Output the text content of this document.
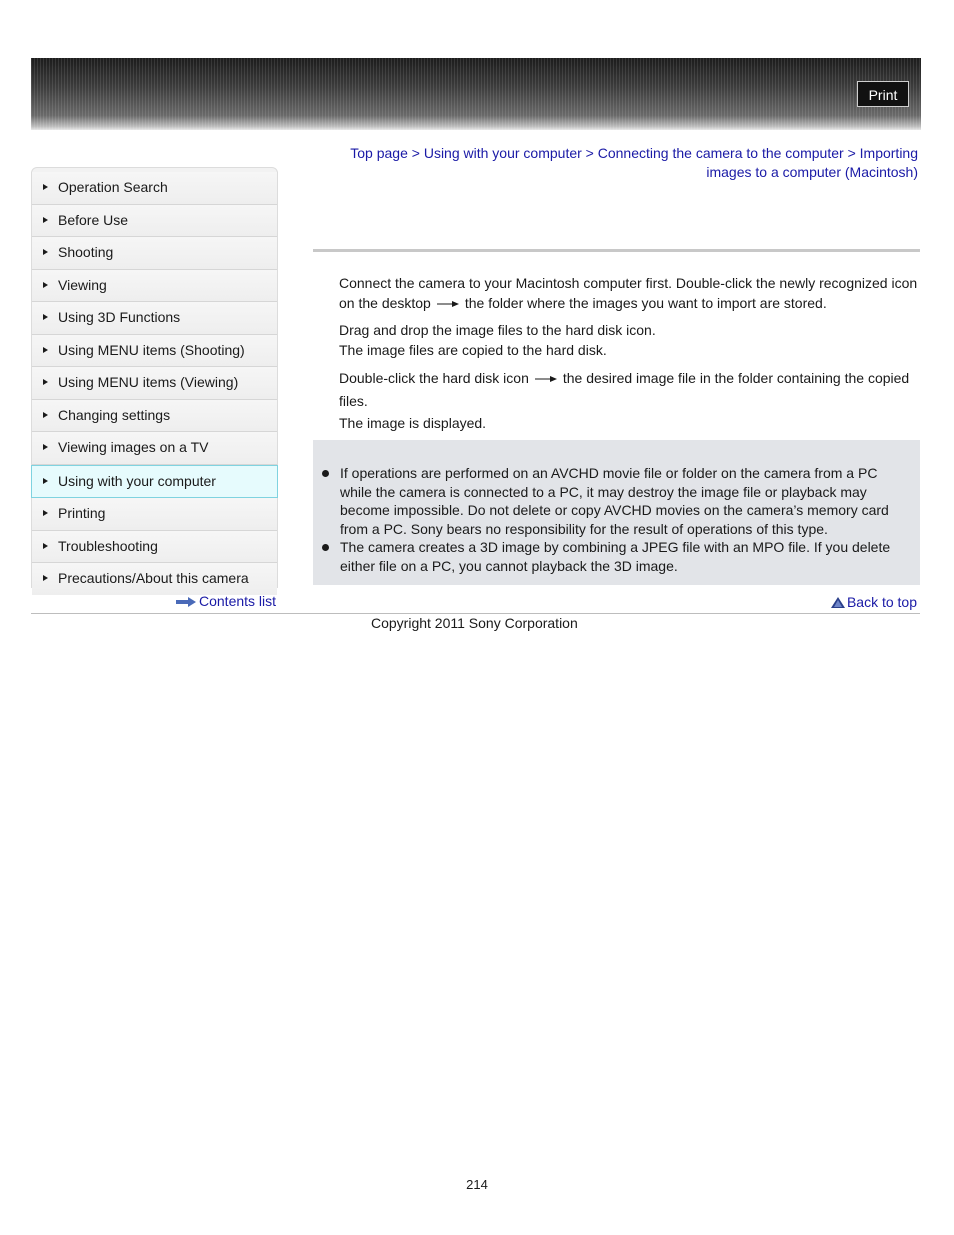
Print
Operation Search
Before Use
Shooting
Viewing
Using 3D Functions
Using MENU items (Shooting)
Using MENU items (Viewing)
Changing settings
Viewing images on a TV
Using with your computer
Printing
Troubleshooting
Precautions/About this camera
Contents list
Top page > Using with your computer > Connecting the camera to the computer > Importing images to a computer (Macintosh)

Connect the camera to your Macintosh computer first. Double-click the newly recognized icon on the desktop the folder where the images you want to import are stored.

Drag and drop the image files to the hard disk icon.

The image files are copied to the hard disk.

Double-click the hard disk icon the desired image file in the folder containing the copied files.

The image is displayed.

If operations are performed on an AVCHD movie file or folder on the camera from a PC while the camera is connected to a PC, it may destroy the image file or playback may become impossible. Do not delete or copy AVCHD movies on the camera’s memory card from a PC. Sony bears no responsibility for the result of operations of this type.

The camera creates a 3D image by combining a JPEG file with an MPO file. If you delete either file on a PC, you cannot playback the 3D image.

Back to top
Copyright 2011 Sony Corporation
214
